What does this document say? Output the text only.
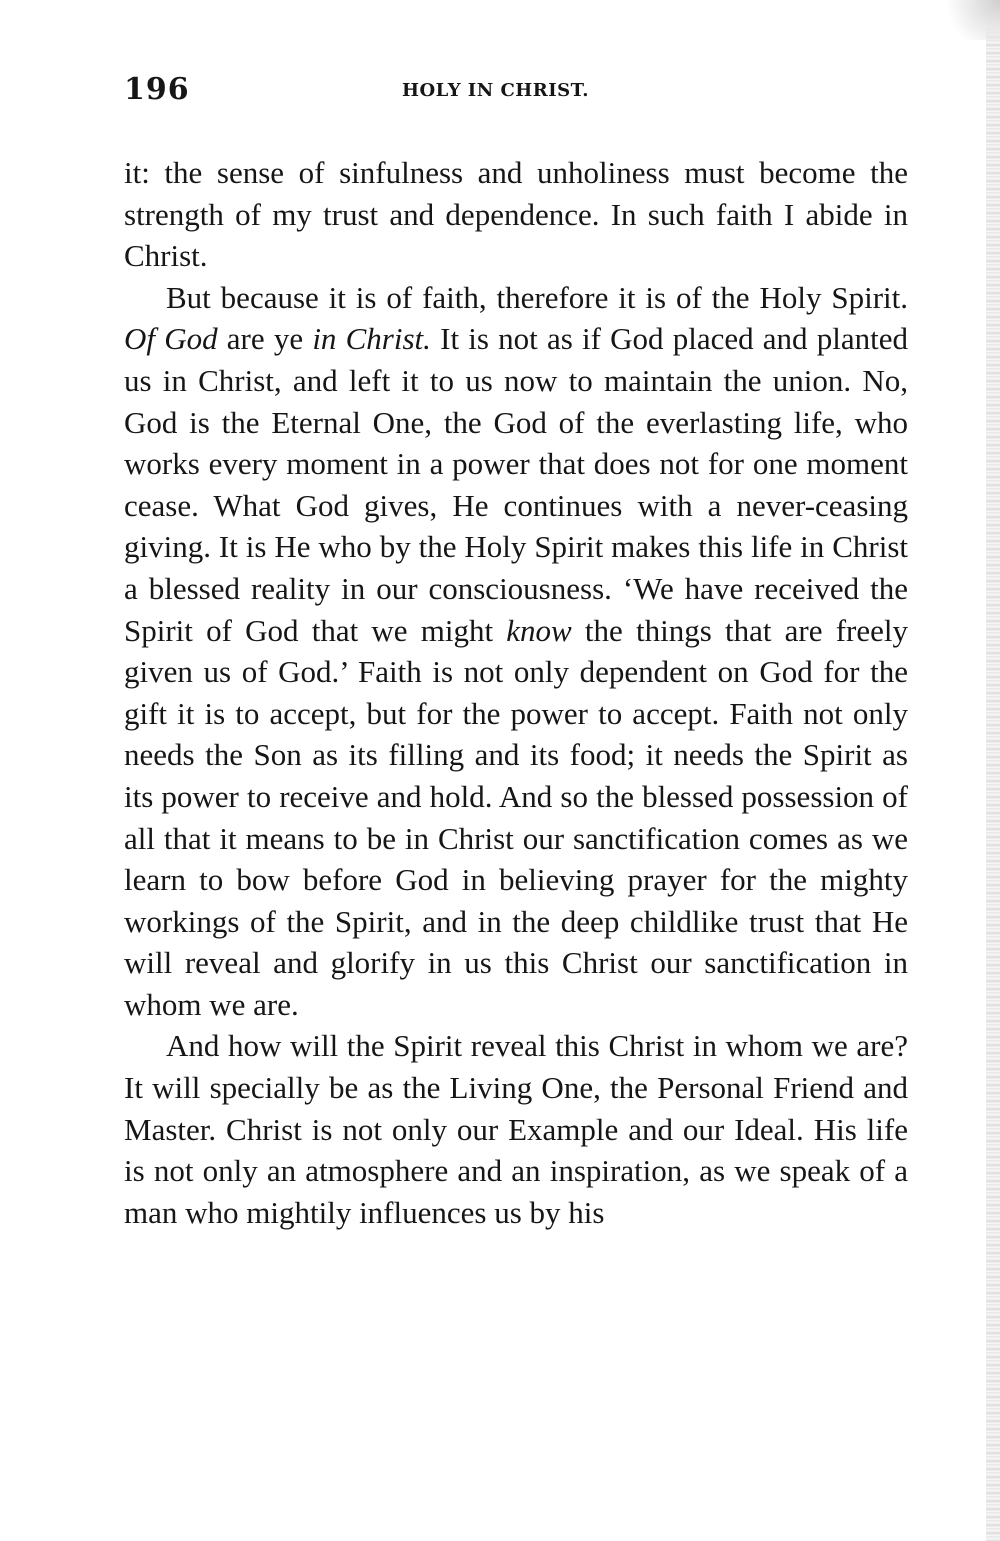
196	HOLY IN CHRIST.

it: the sense of sinfulness and unholiness must become the strength of my trust and dependence. In such faith I abide in Christ.

But because it is of faith, therefore it is of the Holy Spirit. Of God are ye in Christ. It is not as if God placed and planted us in Christ, and left it to us now to maintain the union. No, God is the Eternal One, the God of the everlasting life, who works every moment in a power that does not for one moment cease. What God gives, He continues with a never-ceasing giving. It is He who by the Holy Spirit makes this life in Christ a blessed reality in our consciousness. ‘We have received the Spirit of God that we might know the things that are freely given us of God.’ Faith is not only dependent on God for the gift it is to accept, but for the power to accept. Faith not only needs the Son as its filling and its food; it needs the Spirit as its power to receive and hold. And so the blessed possession of all that it means to be in Christ our sanctification comes as we learn to bow before God in believing prayer for the mighty workings of the Spirit, and in the deep childlike trust that He will reveal and glorify in us this Christ our sanctification in whom we are.

And how will the Spirit reveal this Christ in whom we are? It will specially be as the Living One, the Personal Friend and Master. Christ is not only our Example and our Ideal. His life is not only an atmosphere and an inspiration, as we speak of a man who mightily influences us by his
